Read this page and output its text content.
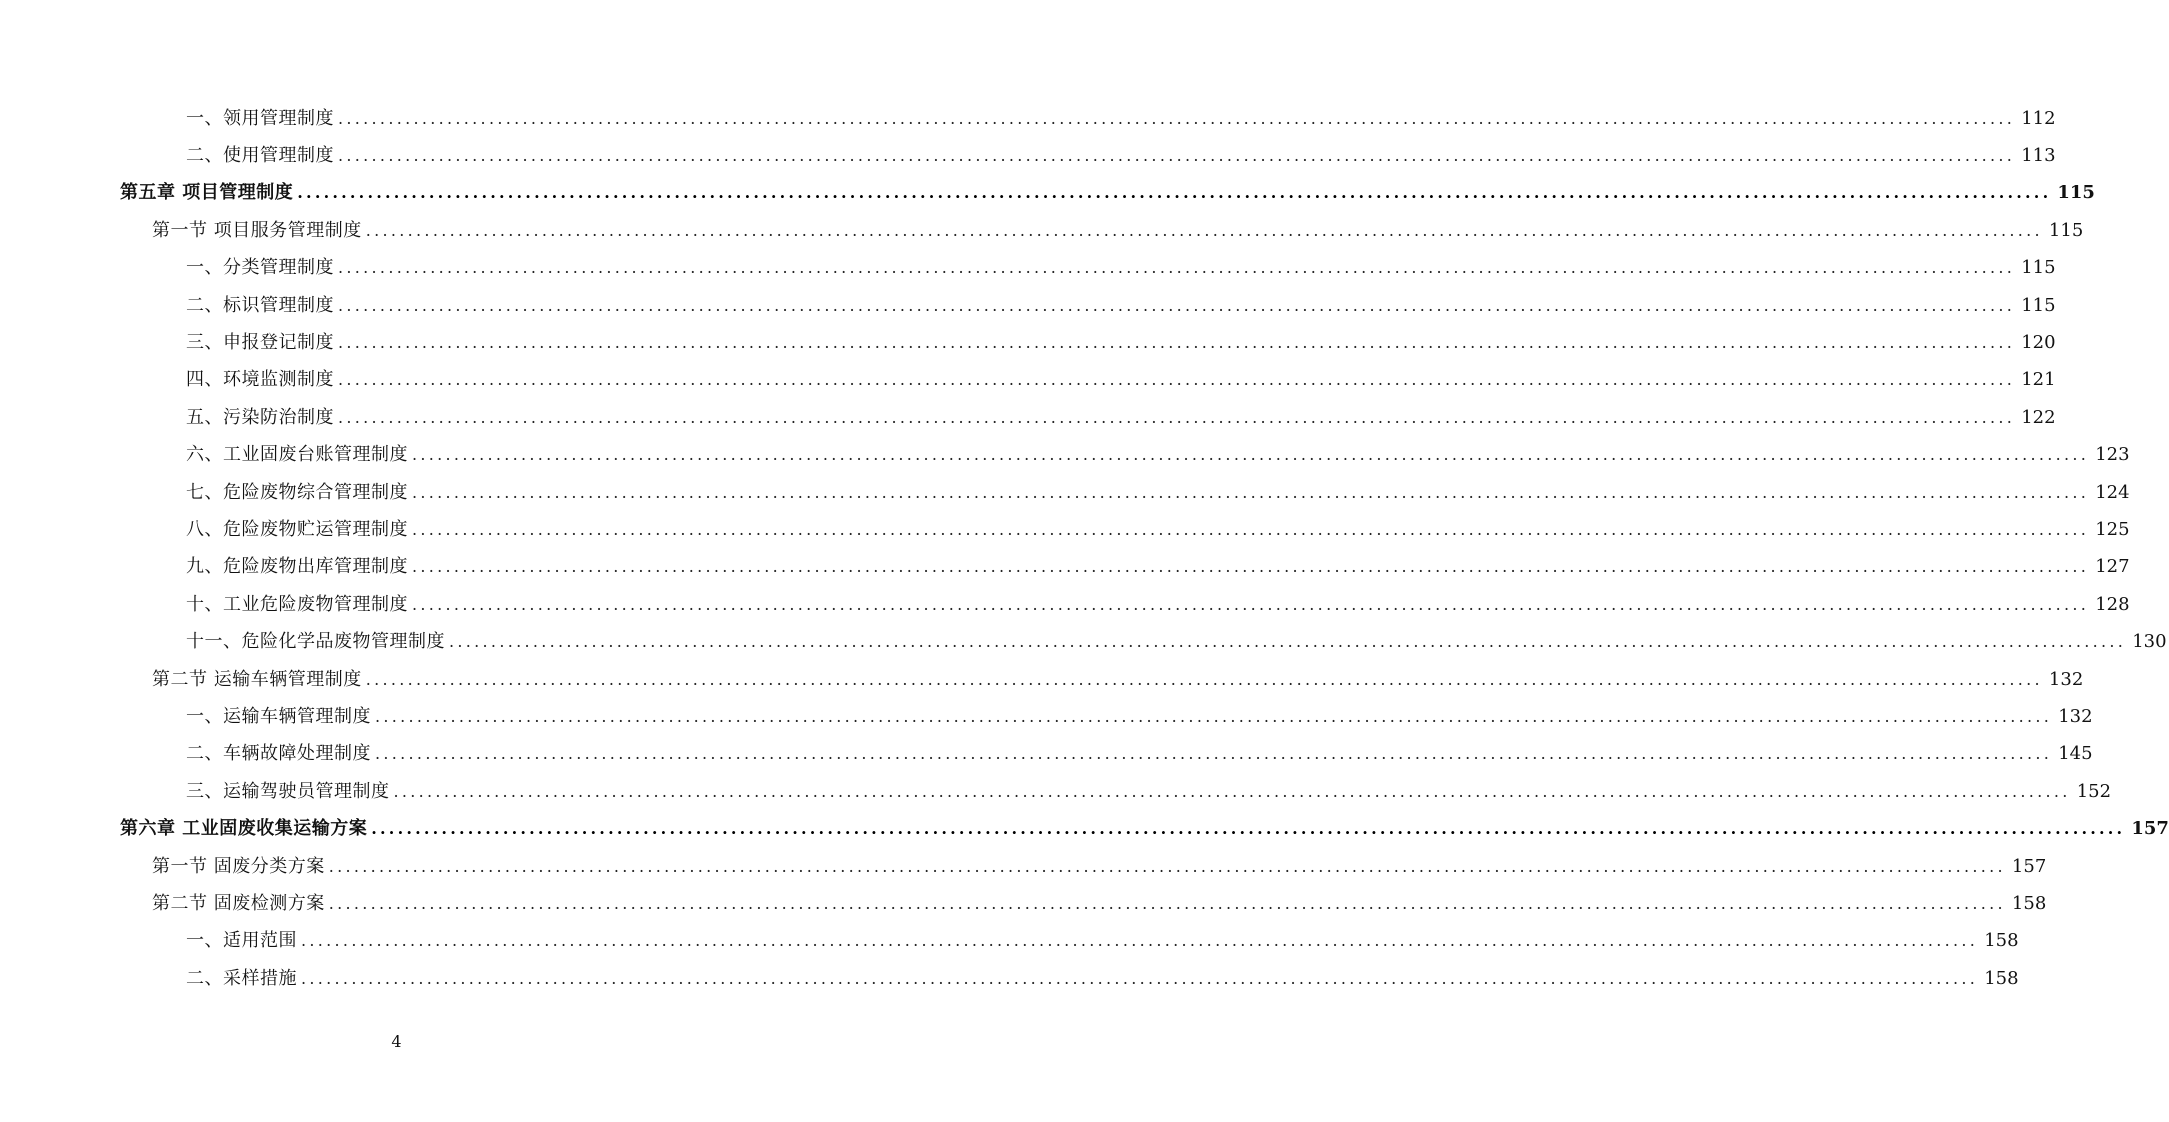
一、领用管理制度 ........................................................................................................................................................................................................ 112
二、使用管理制度 ........................................................................................................................................................................................................ 113
第五章 项目管理制度 ........................................................................................................................................................................................................ 115
第一节 项目服务管理制度 ........................................................................................................................................................................................................ 115
一、分类管理制度 ........................................................................................................................................................................................................ 115
二、标识管理制度 ........................................................................................................................................................................................................ 115
三、申报登记制度 ........................................................................................................................................................................................................ 120
四、环境监测制度 ........................................................................................................................................................................................................ 121
五、污染防治制度 ........................................................................................................................................................................................................ 122
六、工业固废台账管理制度 ........................................................................................................................................................................................................ 123
七、危险废物综合管理制度 ........................................................................................................................................................................................................ 124
八、危险废物贮运管理制度 ........................................................................................................................................................................................................ 125
九、危险废物出库管理制度 ........................................................................................................................................................................................................ 127
十、工业危险废物管理制度 ........................................................................................................................................................................................................ 128
十一、危险化学品废物管理制度 ........................................................................................................................................................................................................ 130
第二节 运输车辆管理制度 ........................................................................................................................................................................................................ 132
一、运输车辆管理制度 ........................................................................................................................................................................................................ 132
二、车辆故障处理制度 ........................................................................................................................................................................................................ 145
三、运输驾驶员管理制度 ........................................................................................................................................................................................................ 152
第六章 工业固废收集运输方案 ........................................................................................................................................................................................................ 157
第一节 固废分类方案 ........................................................................................................................................................................................................ 157
第二节 固废检测方案 ........................................................................................................................................................................................................ 158
一、适用范围 ........................................................................................................................................................................................................ 158
二、采样措施 ........................................................................................................................................................................................................ 158
4
